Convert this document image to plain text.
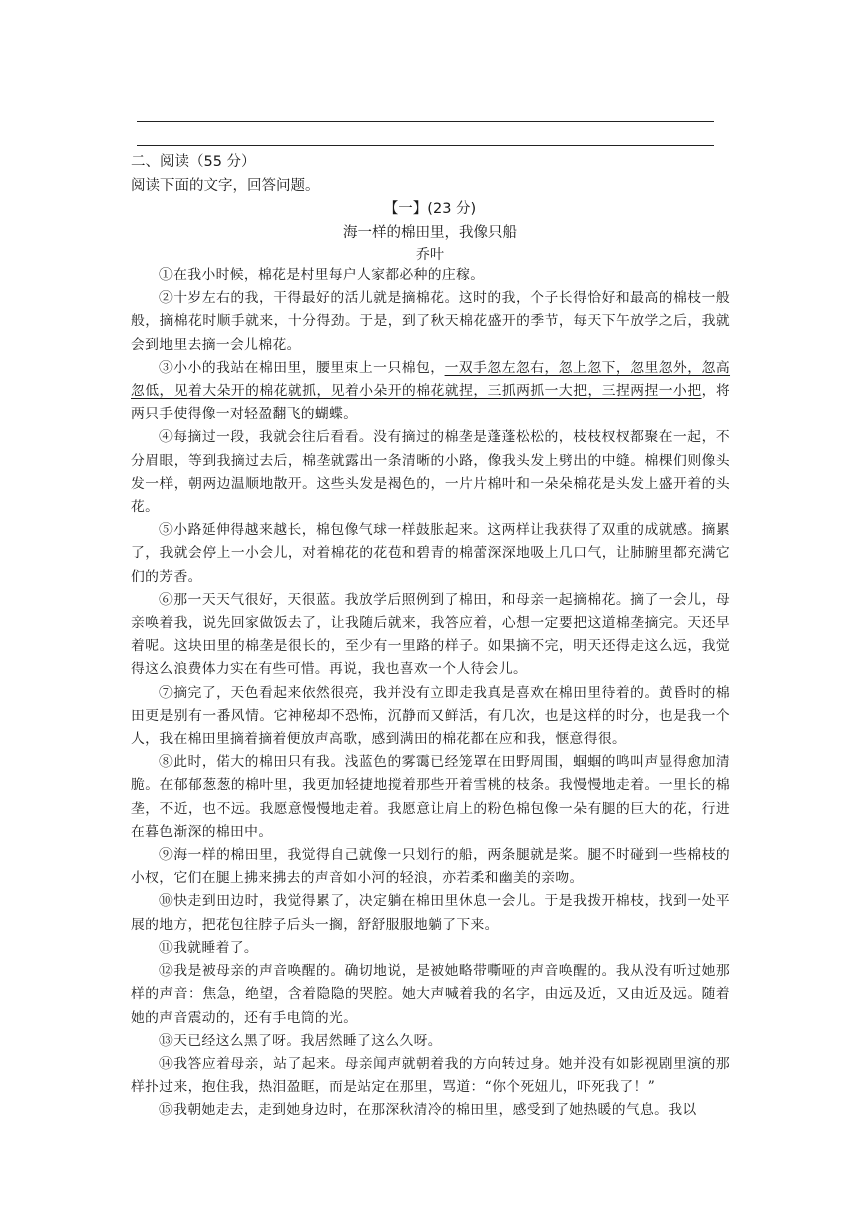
二、阅读（55 分）
阅读下面的文字，回答问题。
【一】(23 分)
海一样的棉田里，我像只船
乔叶

①在我小时候，棉花是村里每户人家都必种的庄稼。

②十岁左右的我，干得最好的活儿就是摘棉花。这时的我，个子长得恰好和最高的棉枝一般般，摘棉花时顺手就来，十分得劲。于是，到了秋天棉花盛开的季节，每天下午放学之后，我就会到地里去摘一会儿棉花。

③小小的我站在棉田里，腰里束上一只棉包，一双手忽左忽右，忽上忽下，忽里忽外，忽高忽低，见着大朵开的棉花就抓，见着小朵开的棉花就捏，三抓两抓一大把，三捏两捏一小把，将两只手使得像一对轻盈翻飞的蝴蝶。

④每摘过一段，我就会往后看看。没有摘过的棉垄是蓬蓬松松的，枝枝杈杈都聚在一起，不分眉眼，等到我摘过去后，棉垄就露出一条清晰的小路，像我头发上劈出的中缝。棉棵们则像头发一样，朝两边温顺地散开。这些头发是褐色的，一片片棉叶和一朵朵棉花是头发上盛开着的头花。

⑤小路延伸得越来越长，棉包像气球一样鼓胀起来。这两样让我获得了双重的成就感。摘累了，我就会停上一小会儿，对着棉花的花苞和碧青的棉蕾深深地吸上几口气，让肺腑里都充满它们的芳香。

⑥那一天天气很好，天很蓝。我放学后照例到了棉田，和母亲一起摘棉花。摘了一会儿，母亲唤着我，说先回家做饭去了，让我随后就来，我答应着，心想一定要把这道棉垄摘完。天还早着呢。这块田里的棉垄是很长的，至少有一里路的样子。如果摘不完，明天还得走这么远，我觉得这么浪费体力实在有些可惜。再说，我也喜欢一个人待会儿。

⑦摘完了，天色看起来依然很亮，我并没有立即走我真是喜欢在棉田里待着的。黄昏时的棉田更是别有一番风情。它神秘却不恐怖，沉静而又鲜活，有几次，也是这样的时分，也是我一个人，我在棉田里摘着摘着便放声高歌，感到满田的棉花都在应和我，惬意得很。

⑧此时，偌大的棉田只有我。浅蓝色的雾霭已经笼罩在田野周围，蝈蝈的鸣叫声显得愈加清脆。在郁郁葱葱的棉叶里，我更加轻捷地搅着那些开着雪桃的枝条。我慢慢地走着。一里长的棉垄，不近，也不远。我愿意慢慢地走着。我愿意让肩上的粉色棉包像一朵有腿的巨大的花，行进在暮色渐深的棉田中。

⑨海一样的棉田里，我觉得自己就像一只划行的船，两条腿就是桨。腿不时碰到一些棉枝的小杈，它们在腿上拂来拂去的声音如小河的轻浪，亦若柔和幽美的亲吻。

⑩快走到田边时，我觉得累了，决定躺在棉田里休息一会儿。于是我拨开棉枝，找到一处平展的地方，把花包往脖子后头一搁，舒舒服服地躺了下来。

⑪我就睡着了。

⑫我是被母亲的声音唤醒的。确切地说，是被她略带嘶哑的声音唤醒的。我从没有听过她那样的声音：焦急，绝望，含着隐隐的哭腔。她大声喊着我的名字，由远及近，又由近及远。随着她的声音震动的，还有手电筒的光。

⑬天已经这么黑了呀。我居然睡了这么久呀。

⑭我答应着母亲，站了起来。母亲闻声就朝着我的方向转过身。她并没有如影视剧里演的那样扑过来，抱住我，热泪盈眶，而是站定在那里，骂道：“你个死妞儿，吓死我了！”

⑮我朝她走去，走到她身边时，在那深秋清冷的棉田里，感受到了她热暖的气息。我以
